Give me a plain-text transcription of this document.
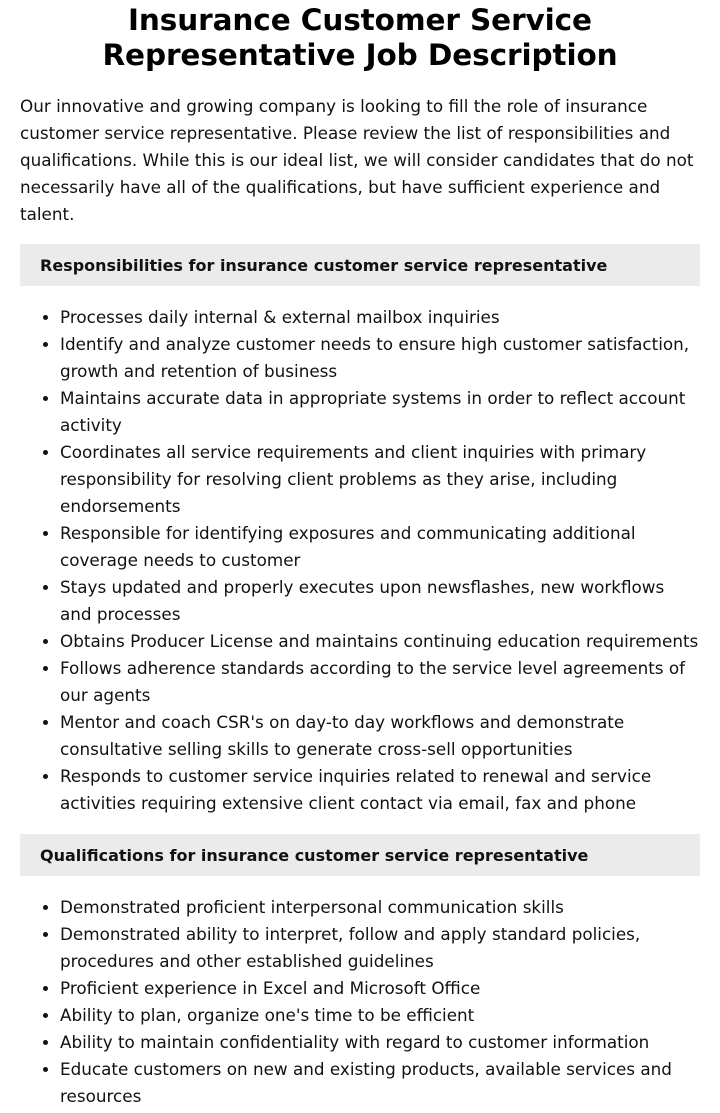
Insurance Customer Service Representative Job Description

Our innovative and growing company is looking to fill the role of insurance customer service representative. Please review the list of responsibilities and qualifications. While this is our ideal list, we will consider candidates that do not necessarily have all of the qualifications, but have sufficient experience and talent.

Responsibilities for insurance customer service representative
Processes daily internal & external mailbox inquiries
Identify and analyze customer needs to ensure high customer satisfaction, growth and retention of business
Maintains accurate data in appropriate systems in order to reflect account activity
Coordinates all service requirements and client inquiries with primary responsibility for resolving client problems as they arise, including endorsements
Responsible for identifying exposures and communicating additional coverage needs to customer
Stays updated and properly executes upon newsflashes, new workflows and processes
Obtains Producer License and maintains continuing education requirements
Follows adherence standards according to the service level agreements of our agents
Mentor and coach CSR's on day-to day workflows and demonstrate consultative selling skills to generate cross-sell opportunities
Responds to customer service inquiries related to renewal and service activities requiring extensive client contact via email, fax and phone
Qualifications for insurance customer service representative
Demonstrated proficient interpersonal communication skills
Demonstrated ability to interpret, follow and apply standard policies, procedures and other established guidelines
Proficient experience in Excel and Microsoft Office
Ability to plan, organize one's time to be efficient
Ability to maintain confidentiality with regard to customer information
Educate customers on new and existing products, available services and resources
